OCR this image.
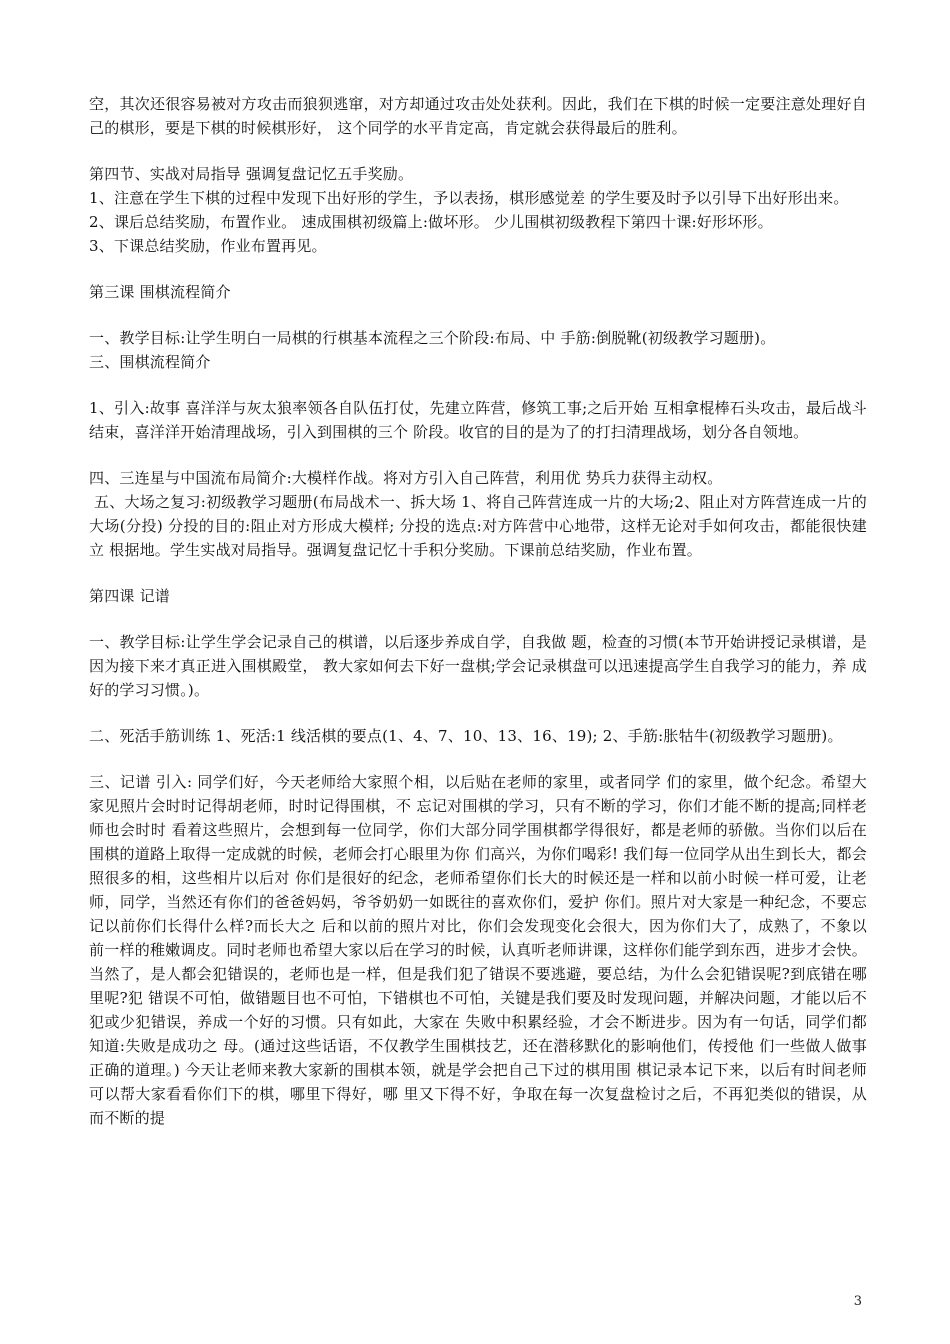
空，其次还很容易被对方攻击而狼狈逃窜，对方却通过攻击处处获利。因此，我们在下棋的时候一定要注意处理好自己的棋形，要是下棋的时候棋形好， 这个同学的水平肯定高，肯定就会获得最后的胜利。

第四节、实战对局指导 强调复盘记忆五手奖励。

1、注意在学生下棋的过程中发现下出好形的学生，予以表扬，棋形感觉差 的学生要及时予以引导下出好形出来。

2、课后总结奖励，布置作业。 速成围棋初级篇上:做坏形。 少儿围棋初级教程下第四十课:好形坏形。

3、下课总结奖励，作业布置再见。

第三课 围棋流程简介

一、教学目标:让学生明白一局棋的行棋基本流程之三个阶段:布局、中 手筋:倒脱靴(初级教学习题册)。

三、围棋流程简介

1、引入:故事 喜洋洋与灰太狼率领各自队伍打仗，先建立阵营，修筑工事;之后开始 互相拿棍棒石头攻击，最后战斗结束，喜洋洋开始清理战场，引入到围棋的三个 阶段。收官的目的是为了的打扫清理战场，划分各自领地。

四、三连星与中国流布局简介:大模样作战。将对方引入自己阵营，利用优 势兵力获得主动权。

五、大场之复习:初级教学习题册(布局战术一、拆大场 1、将自己阵营连成一片的大场;2、阻止对方阵营连成一片的大场(分投) 分投的目的:阻止对方形成大模样; 分投的选点:对方阵营中心地带，这样无论对手如何攻击，都能很快建立 根据地。学生实战对局指导。强调复盘记忆十手积分奖励。下课前总结奖励，作业布置。

第四课 记谱

一、教学目标:让学生学会记录自己的棋谱，以后逐步养成自学，自我做 题，检查的习惯(本节开始讲授记录棋谱，是因为接下来才真正进入围棋殿堂， 教大家如何去下好一盘棋;学会记录棋盘可以迅速提高学生自我学习的能力，养 成好的学习习惯。)。

二、死活手筋训练 1、死活:1 线活棋的要点(1、4、7、10、13、16、19); 2、手筋:胀牯牛(初级教学习题册)。

三、记谱 引入: 同学们好，今天老师给大家照个相，以后贴在老师的家里，或者同学 们的家里，做个纪念。希望大家见照片会时时记得胡老师，时时记得围棋，不 忘记对围棋的学习，只有不断的学习，你们才能不断的提高;同样老师也会时时 看着这些照片，会想到每一位同学，你们大部分同学围棋都学得很好，都是老师的骄傲。当你们以后在围棋的道路上取得一定成就的时候，老师会打心眼里为你 们高兴，为你们喝彩! 我们每一位同学从出生到长大，都会照很多的相，这些相片以后对 你们是很好的纪念，老师希望你们长大的时候还是一样和以前小时候一样可爱，让老师，同学，当然还有你们的爸爸妈妈，爷爷奶奶一如既往的喜欢你们，爱护 你们。照片对大家是一种纪念，不要忘记以前你们长得什么样?而长大之 后和以前的照片对比，你们会发现变化会很大，因为你们大了，成熟了，不象以 前一样的稚嫩调皮。同时老师也希望大家以后在学习的时候，认真听老师讲课，这样你们能学到东西，进步才会快。当然了，是人都会犯错误的，老师也是一样，但是我们犯了错误不要逃避，要总结，为什么会犯错误呢?到底错在哪里呢?犯 错误不可怕，做错题目也不可怕，下错棋也不可怕，关键是我们要及时发现问题，并解决问题，才能以后不犯或少犯错误，养成一个好的习惯。只有如此，大家在 失败中积累经验，才会不断进步。因为有一句话，同学们都知道:失败是成功之 母。(通过这些话语，不仅教学生围棋技艺，还在潜移默化的影响他们，传授他 们一些做人做事正确的道理。) 今天让老师来教大家新的围棋本领，就是学会把自己下过的棋用围 棋记录本记下来，以后有时间老师可以帮大家看看你们下的棋，哪里下得好，哪 里又下得不好，争取在每一次复盘检讨之后，不再犯类似的错误，从而不断的提

3
